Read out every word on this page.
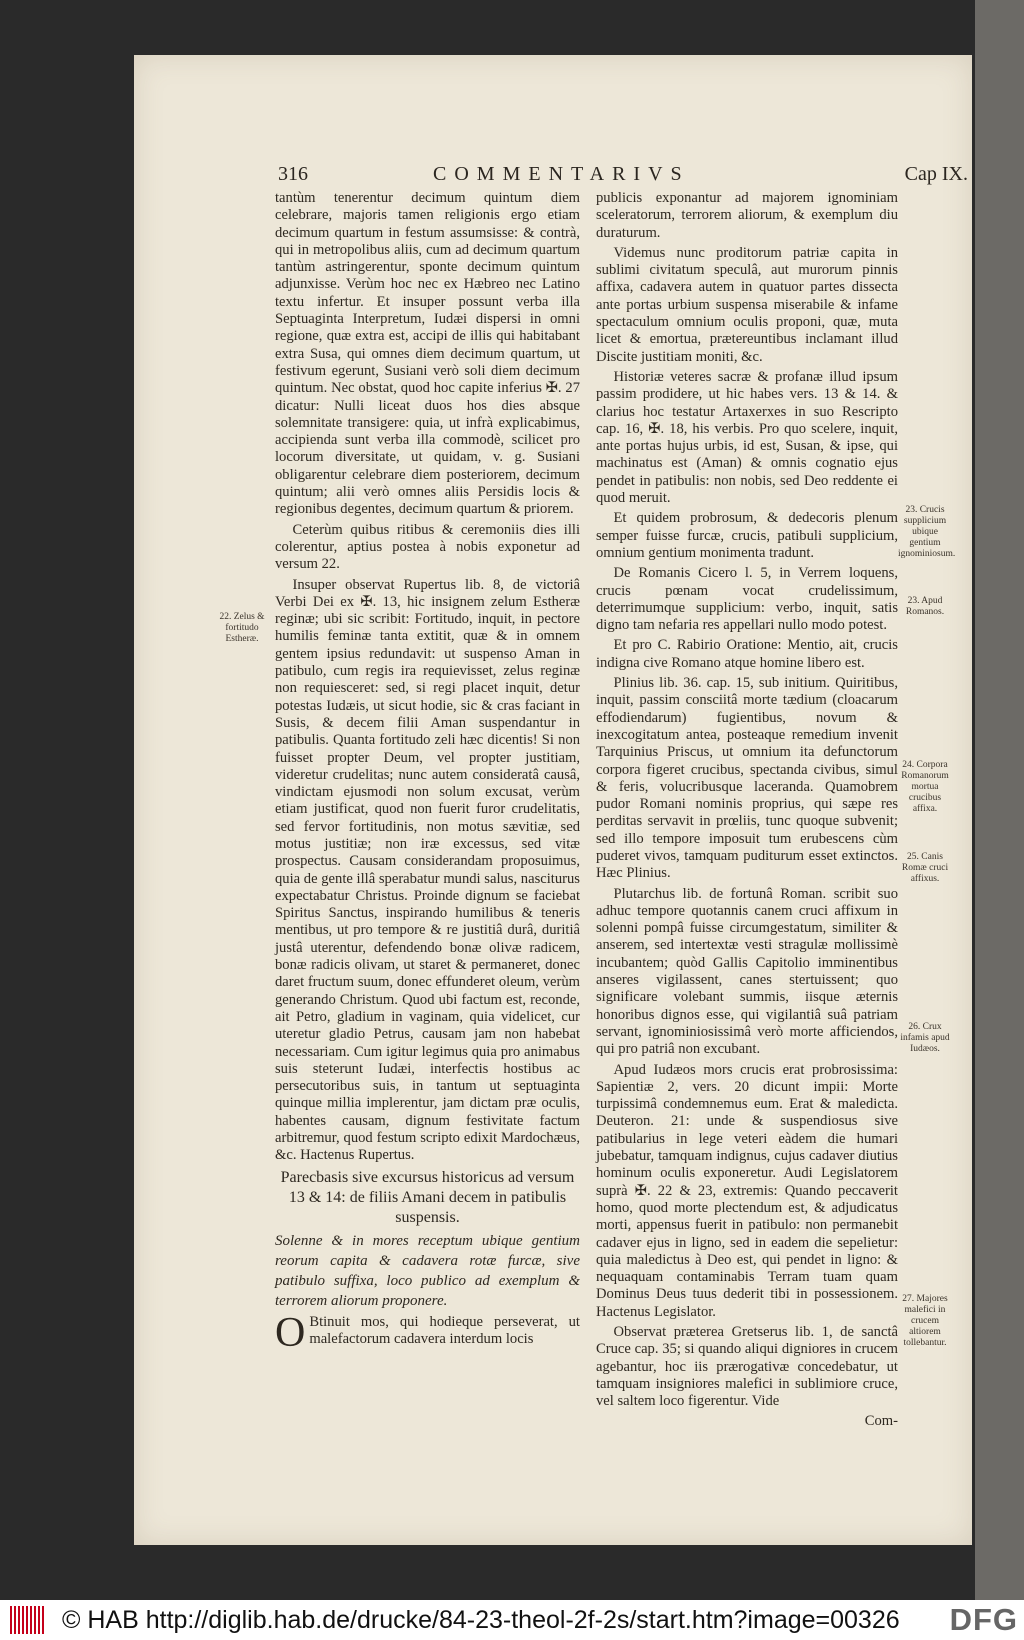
316	COMMENTARIVS	Cap IX.

tantùm tenerentur decimum quintum diem celebrare, majoris tamen religionis ergo etiam decimum quartum in festum assumsisse: & contrà, qui in metropolibus aliis, cum ad decimum quartum tantùm astringerentur, sponte decimum quintum adjunxisse. Verùm hoc nec ex Hæbreo nec Latino textu infertur. Et insuper possunt verba illa Septuaginta Interpretum, Iudæi dispersi in omni regione, quæ extra est, accipi de illis qui habitabant extra Susa, qui omnes diem decimum quartum, ut festivum egerunt, Susiani verò soli diem decimum quintum. Nec obstat, quod hoc capite inferius ✠. 27 dicatur: Nulli liceat duos hos dies absque solemnitate transigere: quia, ut infrà explicabimus, accipienda sunt verba illa commodè, scilicet pro locorum diversitate, ut quidam, v. g. Susiani obligarentur celebrare diem posteriorem, decimum quintum; alii verò omnes aliis Persidis locis & regionibus degentes, decimum quartum & priorem.

Ceterùm quibus ritibus & ceremoniis dies illi colerentur, aptius postea à nobis exponetur ad versum 22.

Insuper observat Rupertus lib. 8, de victoriâ Verbi Dei ex ✠. 13, hic insignem zelum Estheræ reginæ; ubi sic scribit: Fortitudo, inquit, in pectore humilis feminæ tanta extitit, quæ & in omnem gentem ipsius redundavit: ut suspenso Aman in patibulo, cum regis ira requievisset, zelus reginæ non requiesceret: sed, si regi placet inquit, detur potestas Iudæis, ut sicut hodie, sic & cras faciant in Susis, & decem filii Aman suspendantur in patibulis. Quanta fortitudo zeli hæc dicentis! Si non fuisset propter Deum, vel propter justitiam, videretur crudelitas; nunc autem consideratâ causâ, vindictam ejusmodi non solum excusat, verùm etiam justificat, quod non fuerit furor crudelitatis, sed fervor fortitudinis, non motus sævitiæ, sed motus justitiæ; non iræ excessus, sed vitæ prospectus. Causam considerandam proposuimus, quia de gente illâ sperabatur mundi salus, nasciturus expectabatur Christus. Proinde dignum se faciebat Spiritus Sanctus, inspirando humilibus & teneris mentibus, ut pro tempore & re justitiâ durâ, duritiâ justâ uterentur, defendendo bonæ olivæ radicem, bonæ radicis olivam, ut staret & permaneret, donec daret fructum suum, donec effunderet oleum, verùm generando Christum. Quod ubi factum est, reconde, ait Petro, gladium in vaginam, quia videlicet, cur uteretur gladio Petrus, causam jam non habebat necessariam. Cum igitur legimus quia pro animabus suis steterunt Iudæi, interfectis hostibus ac persecutoribus suis, in tantum ut septuaginta quinque millia implerentur, jam dictam præ oculis, habentes causam, dignum festivitate factum arbitremur, quod festum scripto edixit Mardochæus, &c. Hactenus Rupertus.

Parecbasis sive excursus historicus ad versum 13 & 14: de filiis Amani decem in patibulis suspensis.

Solenne & in mores receptum ubique gentium reorum capita & cadavera rotæ furcæ, sive patibulo suffixa, loco publico ad exemplum & terrorem aliorum proponere.

O Btinuit mos, qui hodieque perseverat, ut malefactorum cadavera interdum locis

publicis exponantur ad majorem ignominiam sceleratorum, terrorem aliorum, & exemplum diu duraturum.

Videmus nunc proditorum patriæ capita in sublimi civitatum speculâ, aut murorum pinnis affixa, cadavera autem in quatuor partes dissecta ante portas urbium suspensa miserabile & infame spectaculum omnium oculis proponi, quæ, muta licet & emortua, prætereuntibus inclamant illud Discite justitiam moniti, &c.

Historiæ veteres sacræ & profanæ illud ipsum passim prodidere, ut hic habes vers. 13 & 14. & clarius hoc testatur Artaxerxes in suo Rescripto cap. 16, ✠. 18, his verbis. Pro quo scelere, inquit, ante portas hujus urbis, id est, Susan, & ipse, qui machinatus est (Aman) & omnis cognatio ejus pendet in patibulis: non nobis, sed Deo reddente ei quod meruit.

Et quidem probrosum, & dedecoris plenum semper fuisse furcæ, crucis, patibuli supplicium, omnium gentium monimenta tradunt.

De Romanis Cicero l. 5, in Verrem loquens, crucis pœnam vocat crudelissimum, deterrimumque supplicium: verbo, inquit, satis digno tam nefaria res appellari nullo modo potest.

Et pro C. Rabirio Oratione: Mentio, ait, crucis indigna cive Romano atque homine libero est.

Plinius lib. 36. cap. 15, sub initium. Quiritibus, inquit, passim consciitâ morte tædium (cloacarum effodiendarum) fugientibus, novum & inexcogitatum antea, posteaque remedium invenit Tarquinius Priscus, ut omnium ita defunctorum corpora figeret crucibus, spectanda civibus, simul & feris, volucribusque laceranda. Quamobrem pudor Romani nominis proprius, qui sæpe res perditas servavit in prœliis, tunc quoque subvenit; sed illo tempore imposuit tum erubescens cùm puderet vivos, tamquam puditurum esset extinctos. Hæc Plinius.

Plutarchus lib. de fortunâ Roman. scribit suo adhuc tempore quotannis canem cruci affixum in solenni pompâ fuisse circumgestatum, similiter & anserem, sed intertextæ vesti stragulæ mollissimè incubantem; quòd Gallis Capitolio imminentibus anseres vigilassent, canes stertuissent; quo significare volebant summis, iisque æternis honoribus dignos esse, qui vigilantiâ suâ patriam servant, ignominiosissimâ verò morte afficiendos, qui pro patriâ non excubant.

Apud Iudæos mors crucis erat probrosissima: Sapientiæ 2, vers. 20 dicunt impii: Morte turpissimâ condemnemus eum. Erat & maledicta. Deuteron. 21: unde & suspendiosus sive patibularius in lege veteri eàdem die humari jubebatur, tamquam indignus, cujus cadaver diutius hominum oculis exponeretur. Audi Legislatorem suprà ✠. 22 & 23, extremis: Quando peccaverit homo, quod morte plectendum est, & adjudicatus morti, appensus fuerit in patibulo: non permanebit cadaver ejus in ligno, sed in eadem die sepelietur: quia maledictus à Deo est, qui pendet in ligno: & nequaquam contaminabis Terram tuam quam Dominus Deus tuus dederit tibi in possessionem. Hactenus Legislator.

Observat præterea Gretserus lib. 1, de sanctâ Cruce cap. 35; si quando aliqui digniores in crucem agebantur, hoc iis prærogativæ concedebatur, ut tamquam insigniores malefici in sublimiore cruce, vel saltem loco figerentur. Vide

Com-
22. Zelus & fortitudo Estheræ.
23. Crucis supplicium ubique gentium ignominiosum.
23. Apud Romanos.
24. Corpora Romanorum mortua crucibus affixa.
25. Canis Romæ cruci affixus.
26. Crux infamis apud Iudæos.
27. Majores malefici in crucem altiorem tollebantur.
© HAB http://diglib.hab.de/drucke/84-23-theol-2f-2s/start.htm?image=00326 DFG
